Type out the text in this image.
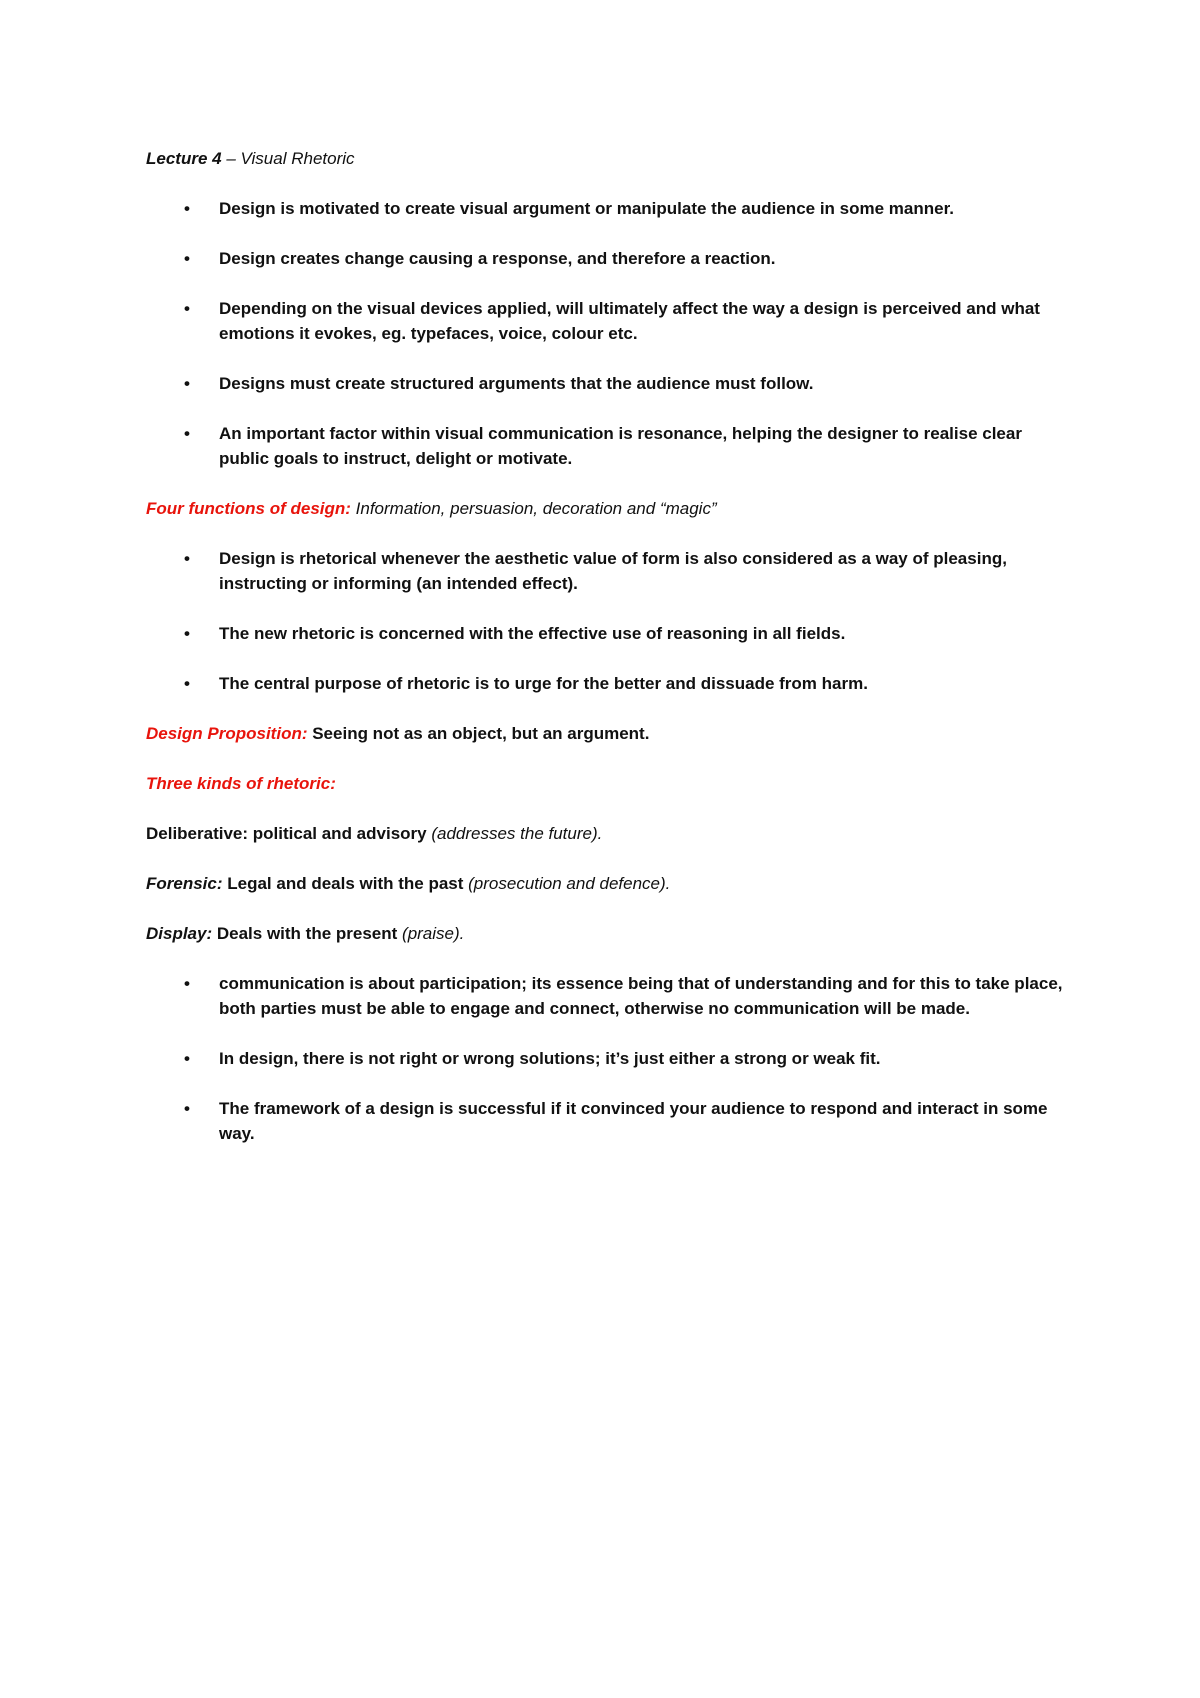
Lecture 4 – Visual Rhetoric

• Design is motivated to create visual argument or manipulate the audience in some manner.
• Design creates change causing a response, and therefore a reaction.
• Depending on the visual devices applied, will ultimately affect the way a design is perceived and what emotions it evokes, eg. typefaces, voice, colour etc.
• Designs must create structured arguments that the audience must follow.
• An important factor within visual communication is resonance, helping the designer to realise clear public goals to instruct, delight or motivate.

Four functions of design: Information, persuasion, decoration and “magic”

• Design is rhetorical whenever the aesthetic value of form is also considered as a way of pleasing, instructing or informing (an intended effect).
• The new rhetoric is concerned with the effective use of reasoning in all fields.
• The central purpose of rhetoric is to urge for the better and dissuade from harm.

Design Proposition: Seeing not as an object, but an argument.

Three kinds of rhetoric:

Deliberative: political and advisory (addresses the future).

Forensic: Legal and deals with the past (prosecution and defence).

Display: Deals with the present (praise).

• communication is about participation; its essence being that of understanding and for this to take place, both parties must be able to engage and connect, otherwise no communication will be made.
• In design, there is not right or wrong solutions; it’s just either a strong or weak fit.
• The framework of a design is successful if it convinced your audience to respond and interact in some way.
